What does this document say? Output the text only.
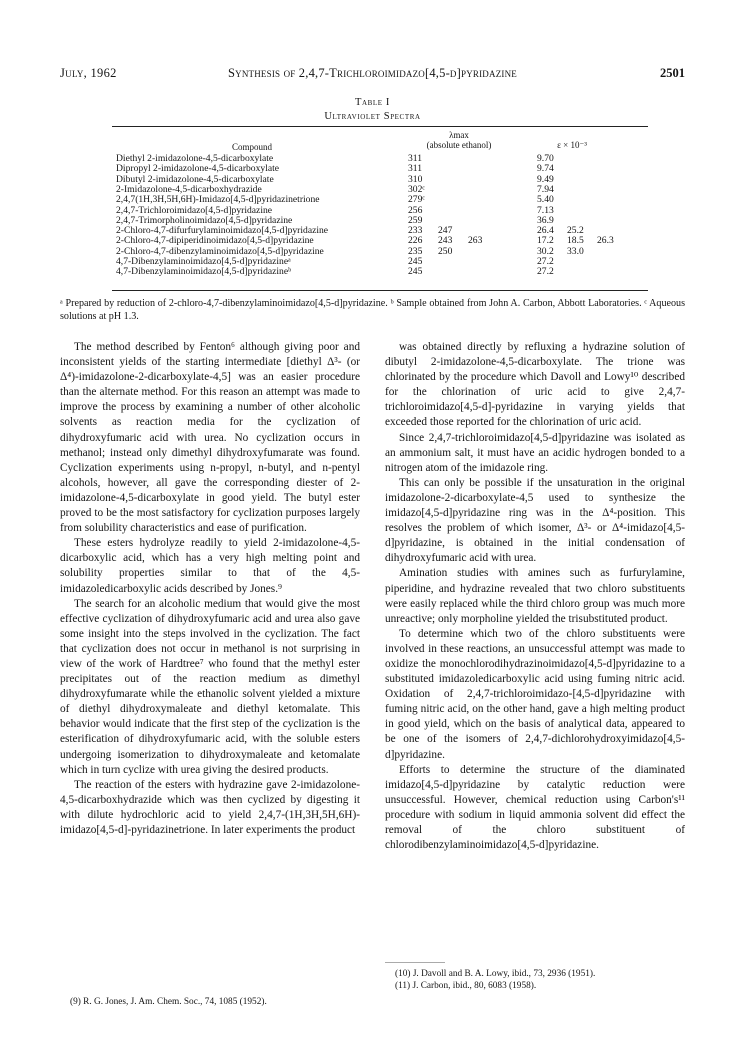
July, 1962	Synthesis of 2,4,7-Trichloroimidazo[4,5-d]pyridazine	2501
Table I
Ultraviolet Spectra
Compound
λmax
(absolute ethanol)	ε × 10⁻³
Diethyl 2-imidazolone-4,5-dicarboxylate	311	9.70
Dipropyl 2-imidazolone-4,5-dicarboxylate	311	9.74
Dibutyl 2-imidazolone-4,5-dicarboxylate	310	9.49
2-Imidazolone-4,5-dicarboxhydrazide	302ᶜ	7.94
2,4,7(1H,3H,5H,6H)-Imidazo[4,5-d]pyridazinetrione	279ᶜ	5.40
2,4,7-Trichloroimidazo[4,5-d]pyridazine	256	7.13
2,4,7-Trimorpholinoimidazo[4,5-d]pyridazine	259	36.9
2-Chloro-4,7-difurfurylaminoimidazo[4,5-d]pyridazine	233 247	26.4 25.2
2-Chloro-4,7-dipiperidinoimidazo[4,5-d]pyridazine	226 243 263	17.2 18.5 26.3
2-Chloro-4,7-dibenzylaminoimidazo[4,5-d]pyridazine	235 250	30.2 33.0
4,7-Dibenzylaminoimidazo[4,5-d]pyridazineᵃ	245	27.2
4,7-Dibenzylaminoimidazo[4,5-d]pyridazineᵇ	245	27.2
ᵃ Prepared by reduction of 2-chloro-4,7-dibenzylaminoimidazo[4,5-d]pyridazine. ᵇ Sample obtained from John A. Carbon, Abbott Laboratories. ᶜ Aqueous solutions at pH 1.3.

The method described by Fenton⁶ although giving poor and inconsistent yields of the starting intermediate [diethyl Δ³- (or Δ⁴)-imidazolone-2-dicarboxylate-4,5] was an easier procedure than the alternate method. For this reason an attempt was made to improve the process by examining a number of other alcoholic solvents as reaction media for the cyclization of dihydroxyfumaric acid with urea. No cyclization occurs in methanol; instead only dimethyl dihydroxyfumarate was found. Cyclization experiments using n-propyl, n-butyl, and n-pentyl alcohols, however, all gave the corresponding diester of 2-imidazolone-4,5-dicarboxylate in good yield. The butyl ester proved to be the most satisfactory for cyclization purposes largely from solubility characteristics and ease of purification.

These esters hydrolyze readily to yield 2-imidazolone-4,5-dicarboxylic acid, which has a very high melting point and solubility properties similar to that of the 4,5-imidazoledicarboxylic acids described by Jones.⁹

The search for an alcoholic medium that would give the most effective cyclization of dihydroxyfumaric acid and urea also gave some insight into the steps involved in the cyclization. The fact that cyclization does not occur in methanol is not surprising in view of the work of Hardtree⁷ who found that the methyl ester precipitates out of the reaction medium as dimethyl dihydroxyfumarate while the ethanolic solvent yielded a mixture of diethyl dihydroxymaleate and diethyl ketomalate. This behavior would indicate that the first step of the cyclization is the esterification of dihydroxyfumaric acid, with the soluble esters undergoing isomerization to dihydroxymaleate and ketomalate which in turn cyclize with urea giving the desired products.

The reaction of the esters with hydrazine gave 2-imidazolone-4,5-dicarboxhydrazide which was then cyclized by digesting it with dilute hydrochloric acid to yield 2,4,7-(1H,3H,5H,6H)-imidazo[4,5-d]-pyridazinetrione. In later experiments the product

was obtained directly by refluxing a hydrazine solution of dibutyl 2-imidazolone-4,5-dicarboxylate. The trione was chlorinated by the procedure which Davoll and Lowy¹⁰ described for the chlorination of uric acid to give 2,4,7-trichloroimidazo[4,5-d]-pyridazine in varying yields that exceeded those reported for the chlorination of uric acid.

Since 2,4,7-trichloroimidazo[4,5-d]pyridazine was isolated as an ammonium salt, it must have an acidic hydrogen bonded to a nitrogen atom of the imidazole ring.

This can only be possible if the unsaturation in the original imidazolone-2-dicarboxylate-4,5 used to synthesize the imidazo[4,5-d]pyridazine ring was in the Δ⁴-position. This resolves the problem of which isomer, Δ³- or Δ⁴-imidazo[4,5-d]pyridazine, is obtained in the initial condensation of dihydroxyfumaric acid with urea.

Amination studies with amines such as furfurylamine, piperidine, and hydrazine revealed that two chloro substituents were easily replaced while the third chloro group was much more unreactive; only morpholine yielded the trisubstituted product.

To determine which two of the chloro substituents were involved in these reactions, an unsuccessful attempt was made to oxidize the monochlorodihydrazinoimidazo[4,5-d]pyridazine to a substituted imidazoledicarboxylic acid using fuming nitric acid. Oxidation of 2,4,7-trichloroimidazo-[4,5-d]pyridazine with fuming nitric acid, on the other hand, gave a high melting product in good yield, which on the basis of analytical data, appeared to be one of the isomers of 2,4,7-dichlorohydroxyimidazo[4,5-d]pyridazine.

Efforts to determine the structure of the diaminated imidazo[4,5-d]pyridazine by catalytic reduction were unsuccessful. However, chemical reduction using Carbon's¹¹ procedure with sodium in liquid ammonia solvent did effect the removal of the chloro substituent of chlorodibenzylaminoimidazo[4,5-d]pyridazine.

(9) R. G. Jones, J. Am. Chem. Soc., 74, 1085 (1952).

(10) J. Davoll and B. A. Lowy, ibid., 73, 2936 (1951).

(11) J. Carbon, ibid., 80, 6083 (1958).
